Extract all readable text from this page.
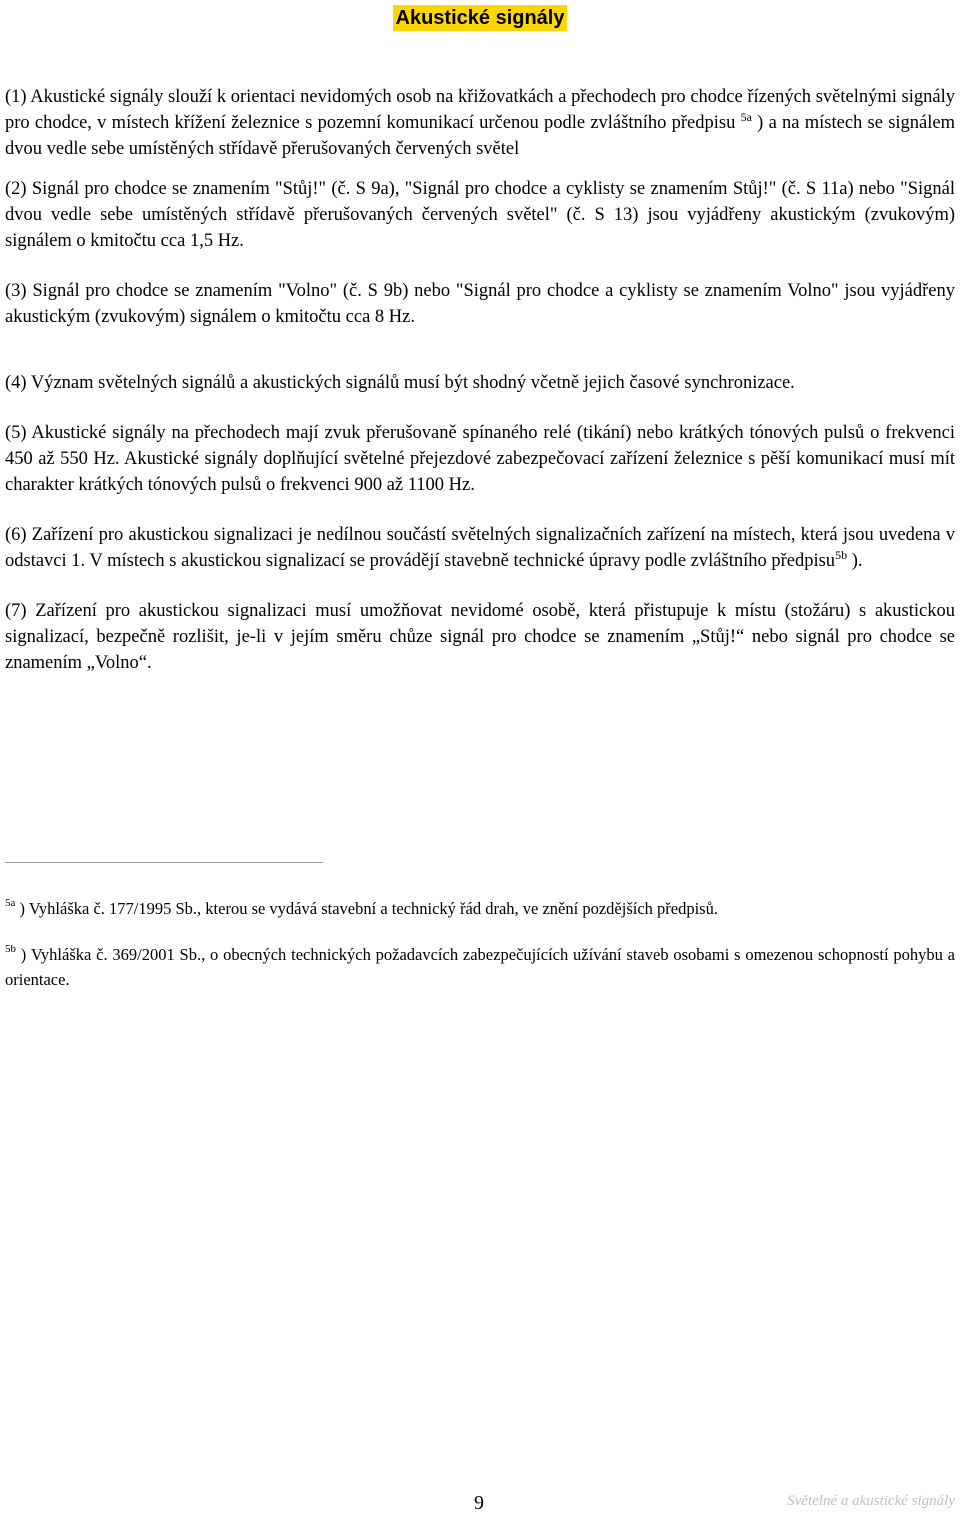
Akustické signály

(1) Akustické signály slouží k orientaci nevidomých osob na křižovatkách a přechodech pro chodce řízených světelnými signály pro chodce, v místech křížení železnice s pozemní komunikací určenou podle zvláštního předpisu $^{5a}$ ) a na místech se signálem dvou vedle sebe umístěných střídavě přerušovaných červených světel

(2) Signál pro chodce se znamením "Stůj!" (č. S 9a), "Signál pro chodce a cyklisty se znamením Stůj!" (č. S 11a) nebo "Signál dvou vedle sebe umístěných střídavě přerušovaných červených světel" (č. S 13) jsou vyjádřeny akustickým (zvukovým) signálem o kmitočtu cca 1,5 Hz.

(3) Signál pro chodce se znamením "Volno" (č. S 9b) nebo "Signál pro chodce a cyklisty se znamením Volno" jsou vyjádřeny akustickým (zvukovým) signálem o kmitočtu cca 8 Hz.

(4) Význam světelných signálů a akustických signálů musí být shodný včetně jejich časové synchronizace.

(5) Akustické signály na přechodech mají zvuk přerušovaně spínaného relé (tikání) nebo krátkých tónových pulsů o frekvenci 450 až 550 Hz. Akustické signály doplňující světelné přejezdové zabezpečovací zařízení železnice s pěší komunikací musí mít charakter krátkých tónových pulsů o frekvenci 900 až 1100 Hz.

(6) Zařízení pro akustickou signalizaci je nedílnou součástí světelných signalizačních zařízení na místech, která jsou uvedena v odstavci 1. V místech s akustickou signalizací se provádějí stavebně technické úpravy podle zvláštního předpisu$^{5b}$ ).

(7) Zařízení pro akustickou signalizaci musí umožňovat nevidomé osobě, která přistupuje k místu (stožáru) s akustickou signalizací, bezpečně rozlišit, je-li v jejím směru chůze signál pro chodce se znamením „Stůj!“ nebo signál pro chodce se znamením „Volno“.

$^{5a}$ ) Vyhláška č. 177/1995 Sb., kterou se vydává stavební a technický řád drah, ve znění pozdějších předpisů.

$^{5b}$ ) Vyhláška č. 369/2001 Sb., o obecných technických požadavcích zabezpečujících užívání staveb osobami s omezenou schopností pohybu a orientace.

9	Světelné a akustické signály
